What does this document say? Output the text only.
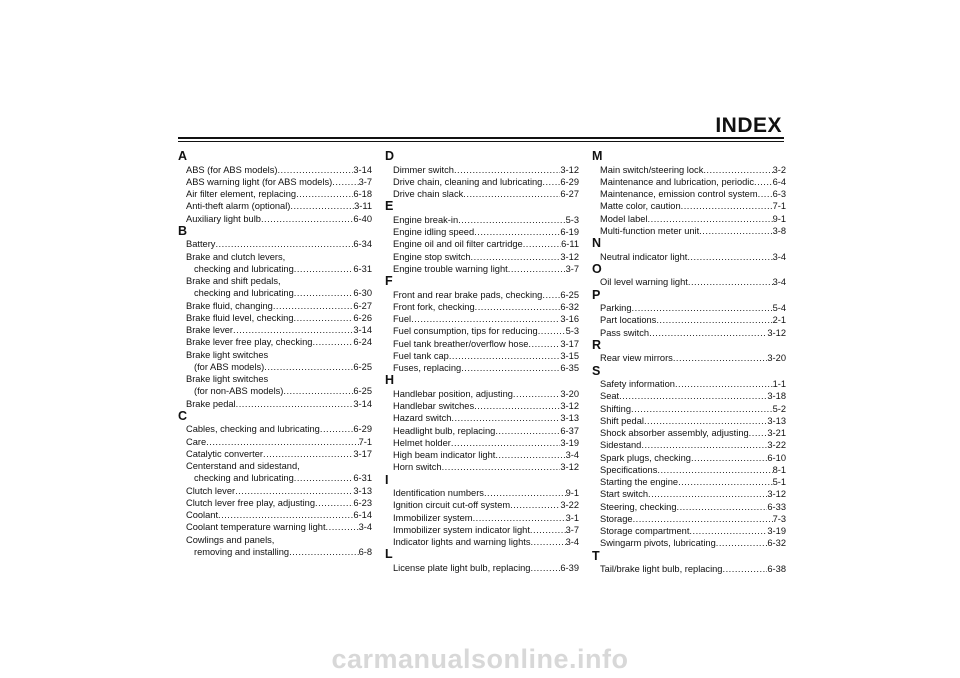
INDEX
A
ABS (for ABS models) .....	3-14
ABS warning light (for ABS models) .....	3-7
Air filter element, replacing .....	6-18
Anti-theft alarm (optional) .....	3-11
Auxiliary light bulb .....	6-40
B
Battery .....	6-34
Brake and clutch levers,
checking and lubricating .....	6-31
Brake and shift pedals,
checking and lubricating .....	6-30
Brake fluid, changing .....	6-27
Brake fluid level, checking .....	6-26
Brake lever .....	3-14
Brake lever free play, checking .....	6-24
Brake light switches
(for ABS models) .....	6-25
Brake light switches
(for non-ABS models) .....	6-25
Brake pedal .....	3-14
C
Cables, checking and lubricating .....	6-29
Care .....	7-1
Catalytic converter .....	3-17
Centerstand and sidestand,
checking and lubricating .....	6-31
Clutch lever .....	3-13
Clutch lever free play, adjusting .....	6-23
Coolant .....	6-14
Coolant temperature warning light .....	3-4
Cowlings and panels,
removing and installing .....	6-8
D
Dimmer switch .....	3-12
Drive chain, cleaning and lubricating ..... 6-29
Drive chain slack .....	6-27
E
Engine break-in .....	5-3
Engine idling speed .....	6-19
Engine oil and oil filter cartridge .....	6-11
Engine stop switch .....	3-12
Engine trouble warning light .....	3-7
F
Front and rear brake pads, checking ..... 6-25
Front fork, checking .....	6-32
Fuel .....	3-16
Fuel consumption, tips for reducing .....	5-3
Fuel tank breather/overflow hose .....	3-17
Fuel tank cap .....	3-15
Fuses, replacing .....	6-35
H
Handlebar position, adjusting .....	3-20
Handlebar switches .....	3-12
Hazard switch .....	3-13
Headlight bulb, replacing .....	6-37
Helmet holder .....	3-19
High beam indicator light .....	3-4
Horn switch .....	3-12
I
Identification numbers .....	9-1
Ignition circuit cut-off system .....	3-22
Immobilizer system .....	3-1
Immobilizer system indicator light .....	3-7
Indicator lights and warning lights .....	3-4
L
License plate light bulb, replacing .....	6-39
M
Main switch/steering lock .....	3-2
Maintenance and lubrication, periodic ..... 6-4
Maintenance, emission control system ..... 6-3
Matte color, caution .....	7-1
Model label .....	9-1
Multi-function meter unit .....	3-8
N
Neutral indicator light .....	3-4
O
Oil level warning light .....	3-4
P
Parking .....	5-4
Part locations .....	2-1
Pass switch .....	3-12
R
Rear view mirrors .....	3-20
S
Safety information .....	1-1
Seat .....	3-18
Shifting .....	5-2
Shift pedal .....	3-13
Shock absorber assembly, adjusting ..... 3-21
Sidestand .....	3-22
Spark plugs, checking .....	6-10
Specifications .....	8-1
Starting the engine .....	5-1
Start switch .....	3-12
Steering, checking .....	6-33
Storage .....	7-3
Storage compartment .....	3-19
Swingarm pivots, lubricating .....	6-32
T
Tail/brake light bulb, replacing .....	6-38
carmanualsonline.info
